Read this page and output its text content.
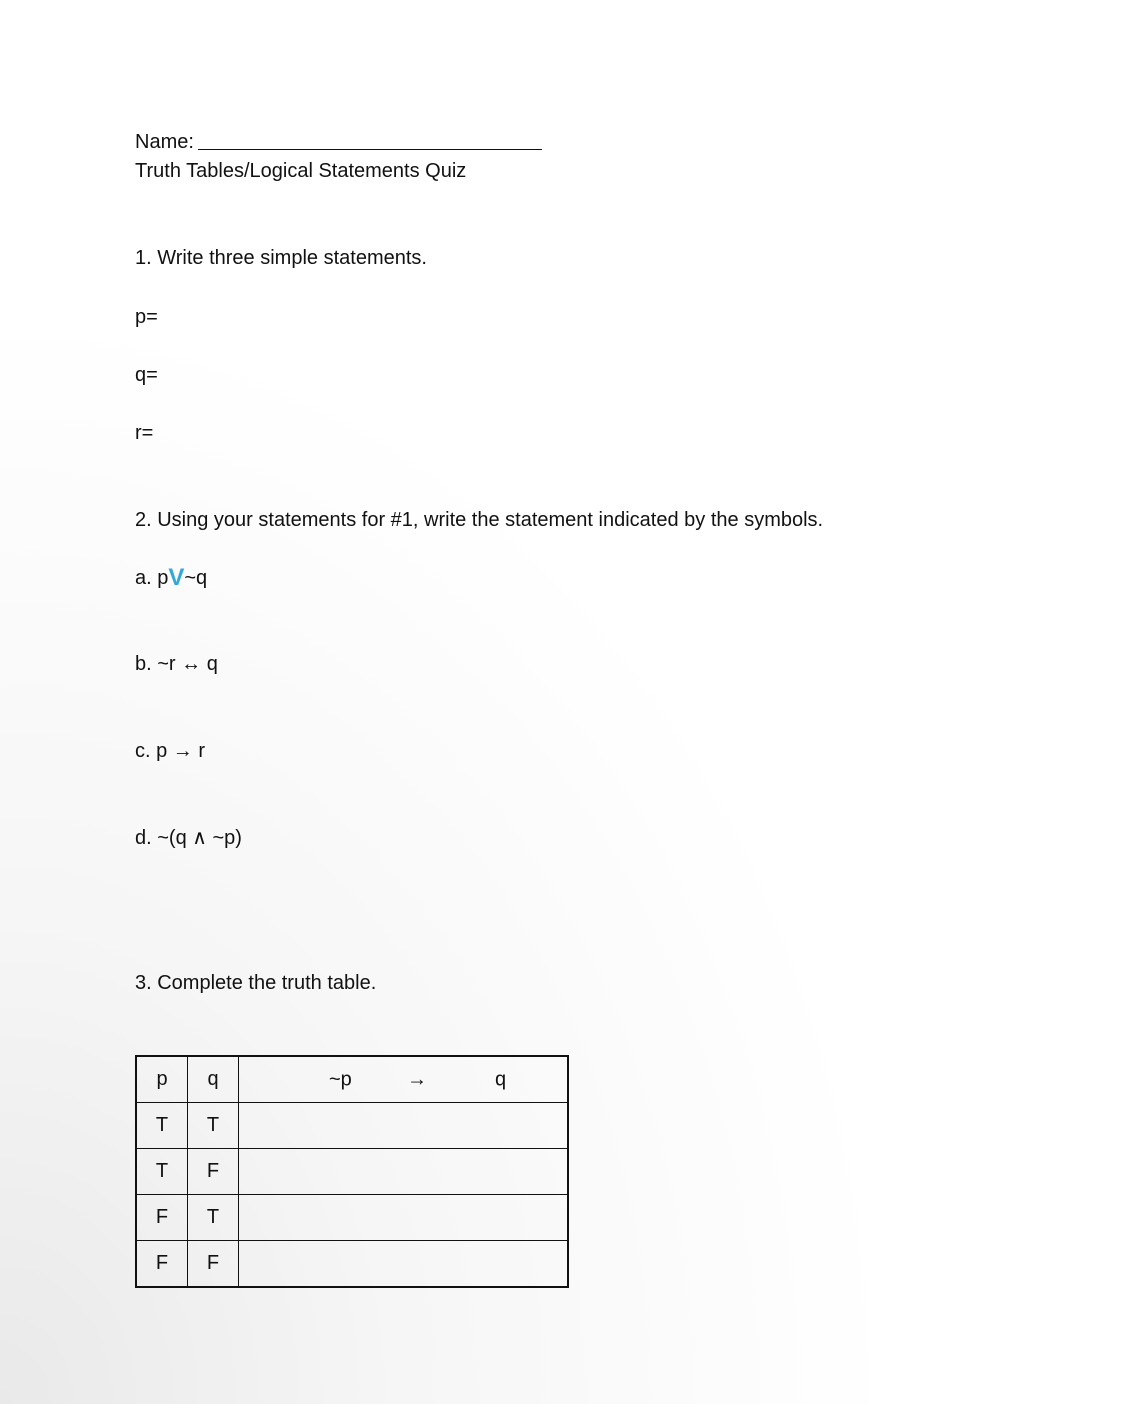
Name:
Truth Tables/Logical Statements Quiz
1. Write three simple statements.
p=
q=
r=
2. Using your statements for #1, write the statement indicated by the symbols.
a. pV~q
b. ~r ↔ q
c. p → r
d. ~(q ∧ ~p)
3. Complete the truth table.
p	q	~p → q

T	T	
T	F	
F	T	
F	F	
